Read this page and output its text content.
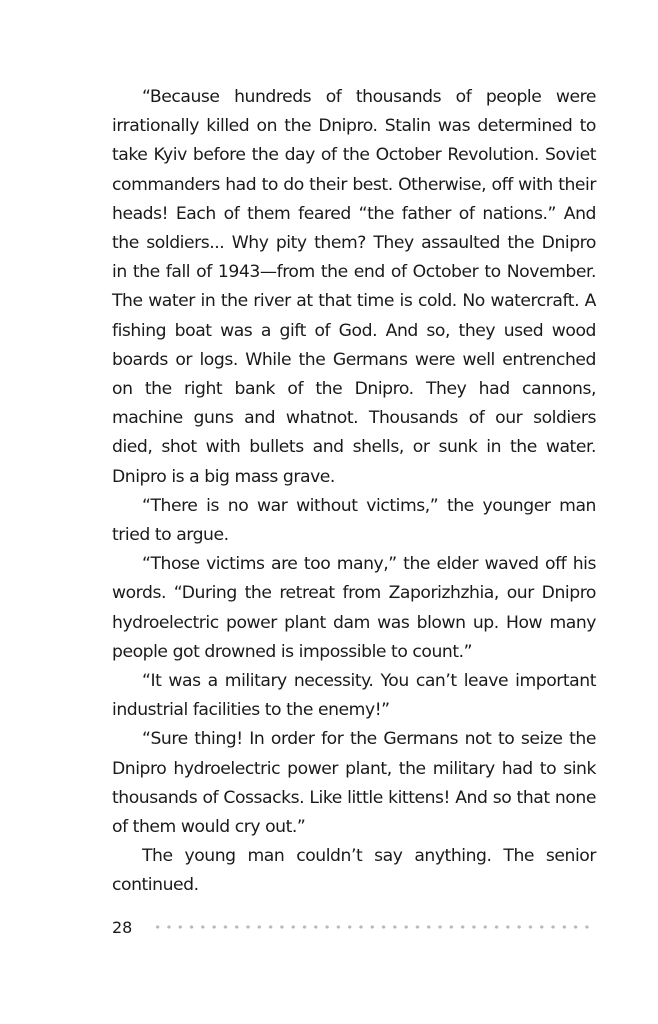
“Because hundreds of thousands of people were irrationally killed on the Dnipro. Stalin was determined to take Kyiv before the day of the October Revolution. Soviet commanders had to do their best. Otherwise, off with their heads! Each of them feared “the father of nations.” And the soldiers... Why pity them? They assaulted the Dnipro in the fall of 1943—from the end of October to November. The water in the river at that time is cold. No watercraft. A fishing boat was a gift of God. And so, they used wood boards or logs. While the Germans were well entrenched on the right bank of the Dnipro. They had cannons, machine guns and whatnot. Thousands of our soldiers died, shot with bullets and shells, or sunk in the water. Dnipro is a big mass grave.

“There is no war without victims,” the younger man tried to argue.

“Those victims are too many,” the elder waved off his words. “During the retreat from Zaporizhzhia, our Dnipro hydroelectric power plant dam was blown up. How many people got drowned is impossible to count.”

“It was a military necessity. You can’t leave important industrial facilities to the enemy!”

“Sure thing! In order for the Germans not to seize the Dnipro hydroelectric power plant, the military had to sink thousands of Cossacks. Like little kittens! And so that none of them would cry out.”

The young man couldn’t say anything. The senior continued.

28
